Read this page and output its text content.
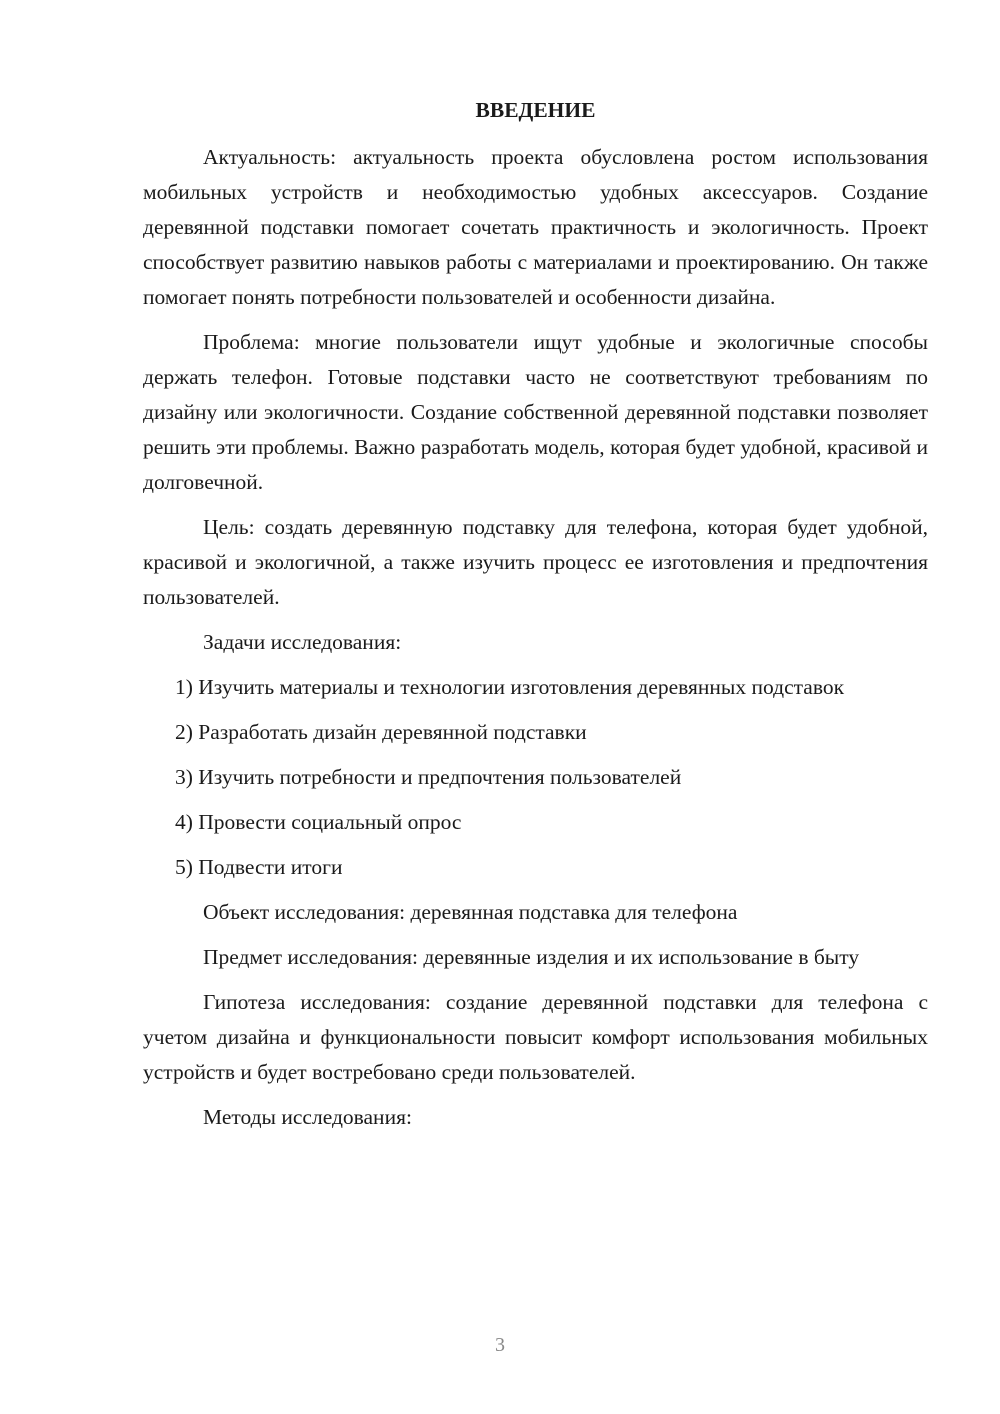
ВВЕДЕНИЕ

Актуальность: актуальность проекта обусловлена ростом использования мобильных устройств и необходимостью удобных аксессуаров. Создание деревянной подставки помогает сочетать практичность и экологичность. Проект способствует развитию навыков работы с материалами и проектированию. Он также помогает понять потребности пользователей и особенности дизайна.

Проблема: многие пользователи ищут удобные и экологичные способы держать телефон. Готовые подставки часто не соответствуют требованиям по дизайну или экологичности. Создание собственной деревянной подставки позволяет решить эти проблемы. Важно разработать модель, которая будет удобной, красивой и долговечной.

Цель: создать деревянную подставку для телефона, которая будет удобной, красивой и экологичной, а также изучить процесс ее изготовления и предпочтения пользователей.

Задачи исследования:

1) Изучить материалы и технологии изготовления деревянных подставок

2) Разработать дизайн деревянной подставки

3) Изучить потребности и предпочтения пользователей

4) Провести социальный опрос

5) Подвести итоги

Объект исследования: деревянная подставка для телефона

Предмет исследования: деревянные изделия и их использование в быту

Гипотеза исследования: создание деревянной подставки для телефона с учетом дизайна и функциональности повысит комфорт использования мобильных устройств и будет востребовано среди пользователей.

Методы исследования:

3
